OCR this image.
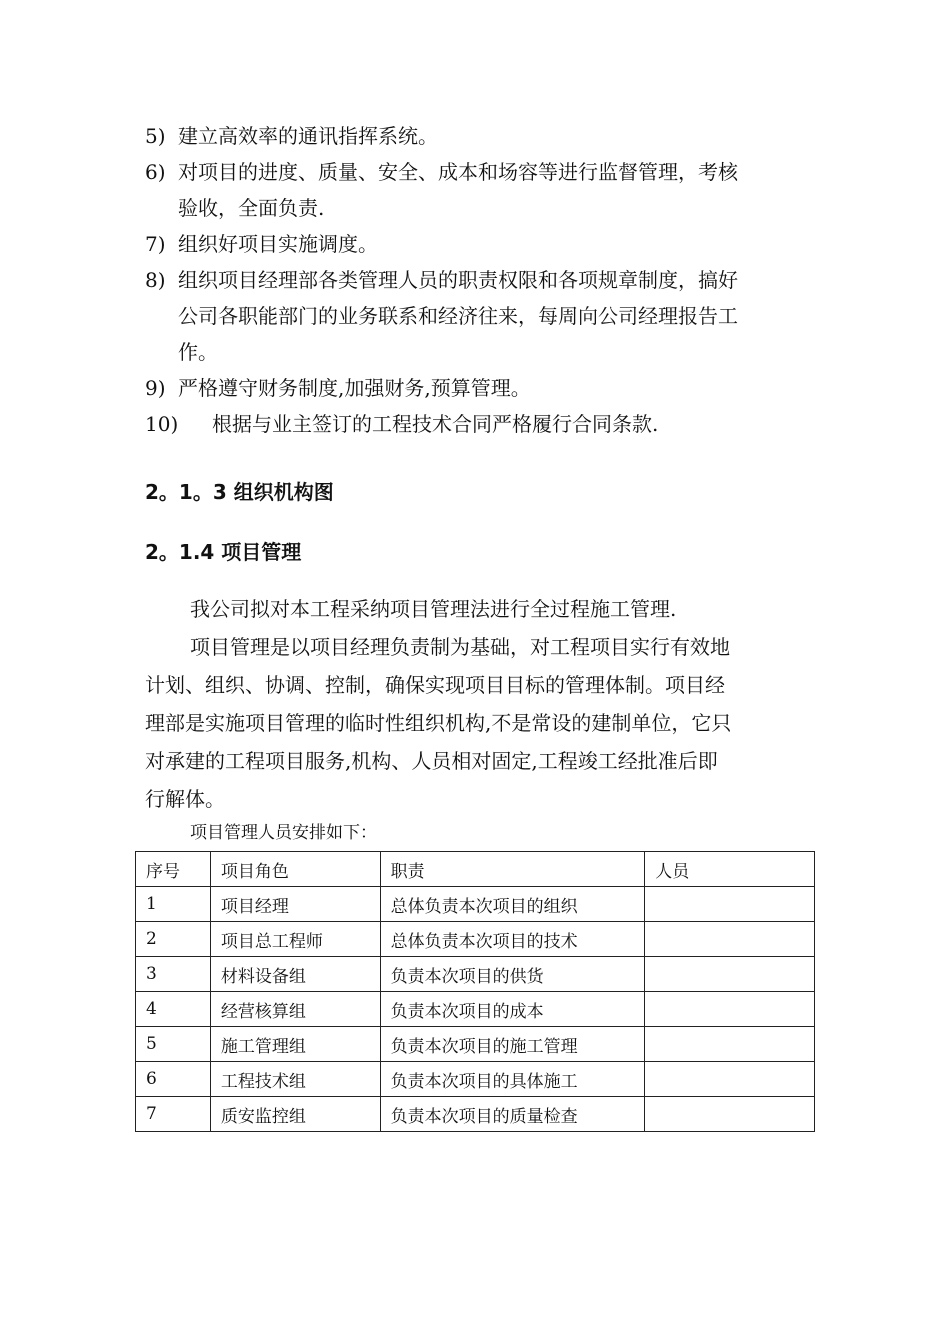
5) 建立高效率的通讯指挥系统。
6) 对项目的进度、质量、安全、成本和场容等进行监督管理，考核
验收，全面负责.
7) 组织好项目实施调度。
8) 组织项目经理部各类管理人员的职责权限和各项规章制度，搞好
公司各职能部门的业务联系和经济往来，每周向公司经理报告工
作。
9) 严格遵守财务制度,加强财务,预算管理。
10)	根据与业主签订的工程技术合同严格履行合同条款.
2。1。3 组织机构图
2。1.4 项目管理
我公司拟对本工程采纳项目管理法进行全过程施工管理.
项目管理是以项目经理负责制为基础，对工程项目实行有效地
计划、组织、协调、控制，确保实现项目目标的管理体制。项目经
理部是实施项目管理的临时性组织机构,不是常设的建制单位，它只
对承建的工程项目服务,机构、人员相对固定,工程竣工经批准后即
行解体。
项目管理人员安排如下：
序号	项目角色	职责	人员
1	项目经理	总体负责本次项目的组织	
2	项目总工程师	总体负责本次项目的技术	
3	材料设备组	负责本次项目的供货	
4	经营核算组	负责本次项目的成本	
5	施工管理组	负责本次项目的施工管理	
6	工程技术组	负责本次项目的具体施工	
7	质安监控组	负责本次项目的质量检查	
